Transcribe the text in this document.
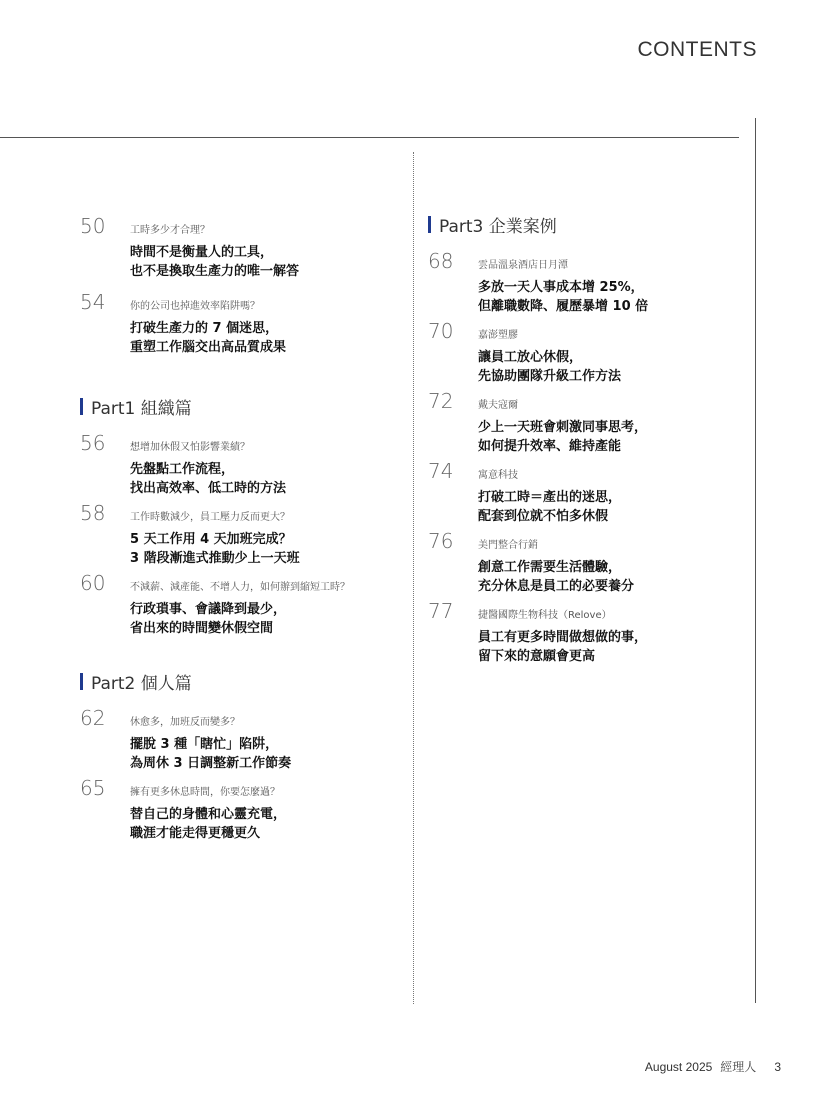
CONTENTS
50 工時多少才合理？
時間不是衡量人的工具，
也不是換取生產力的唯一解答
54 你的公司也掉進效率陷阱嗎？
打破生產力的 7 個迷思，
重塑工作腦交出高品質成果
Part1 組織篇
56 想增加休假又怕影響業績？
先盤點工作流程，
找出高效率、低工時的方法
58 工作時數減少，員工壓力反而更大？
5 天工作用 4 天加班完成？
3 階段漸進式推動少上一天班
60 不減薪、減產能、不增人力，如何辦到縮短工時？
行政瑣事、會議降到最少，
省出來的時間變休假空間
Part2 個人篇
62 休愈多，加班反而變多？
擺脫 3 種「瞎忙」陷阱，
為周休 3 日調整新工作節奏
65 擁有更多休息時間，你要怎麼過？
替自己的身體和心靈充電，
職涯才能走得更穩更久
Part3 企業案例
68 雲品溫泉酒店日月潭
多放一天人事成本增 25%，
但離職數降、履歷暴增 10 倍
70 嘉澎塑膠
讓員工放心休假，
先協助團隊升級工作方法
72 戴夫寇爾
少上一天班會刺激同事思考，
如何提升效率、維持產能
74 寓意科技
打破工時＝產出的迷思，
配套到位就不怕多休假
76 美門整合行銷
創意工作需要生活體驗，
充分休息是員工的必要養分
77 捷醫國際生物科技（Relove）
員工有更多時間做想做的事，
留下來的意願會更高
August 2025 經理人 3
